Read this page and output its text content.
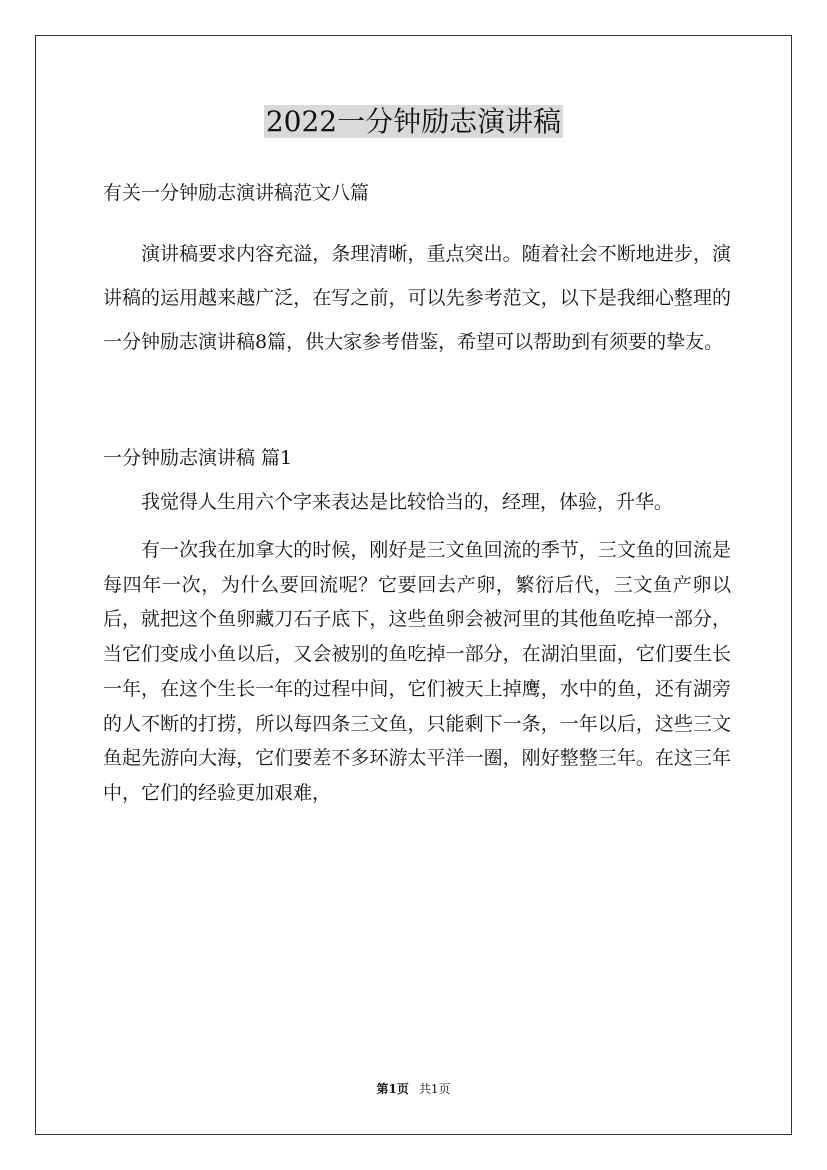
2022一分钟励志演讲稿

有关一分钟励志演讲稿范文八篇

演讲稿要求内容充溢，条理清晰，重点突出。随着社会不断地进步，演讲稿的运用越来越广泛，在写之前，可以先参考范文，以下是我细心整理的一分钟励志演讲稿8篇，供大家参考借鉴，希望可以帮助到有须要的挚友。

一分钟励志演讲稿 篇1

我觉得人生用六个字来表达是比较恰当的，经理，体验，升华。

有一次我在加拿大的时候，刚好是三文鱼回流的季节，三文鱼的回流是每四年一次，为什么要回流呢？它要回去产卵，繁衍后代，三文鱼产卵以后，就把这个鱼卵藏刀石子底下，这些鱼卵会被河里的其他鱼吃掉一部分，当它们变成小鱼以后，又会被别的鱼吃掉一部分，在湖泊里面，它们要生长一年，在这个生长一年的过程中间，它们被天上掉鹰，水中的鱼，还有湖旁的人不断的打捞，所以每四条三文鱼，只能剩下一条，一年以后，这些三文鱼起先游向大海，它们要差不多环游太平洋一圈，刚好整整三年。在这三年中，它们的经验更加艰难，

第1页 共1页
